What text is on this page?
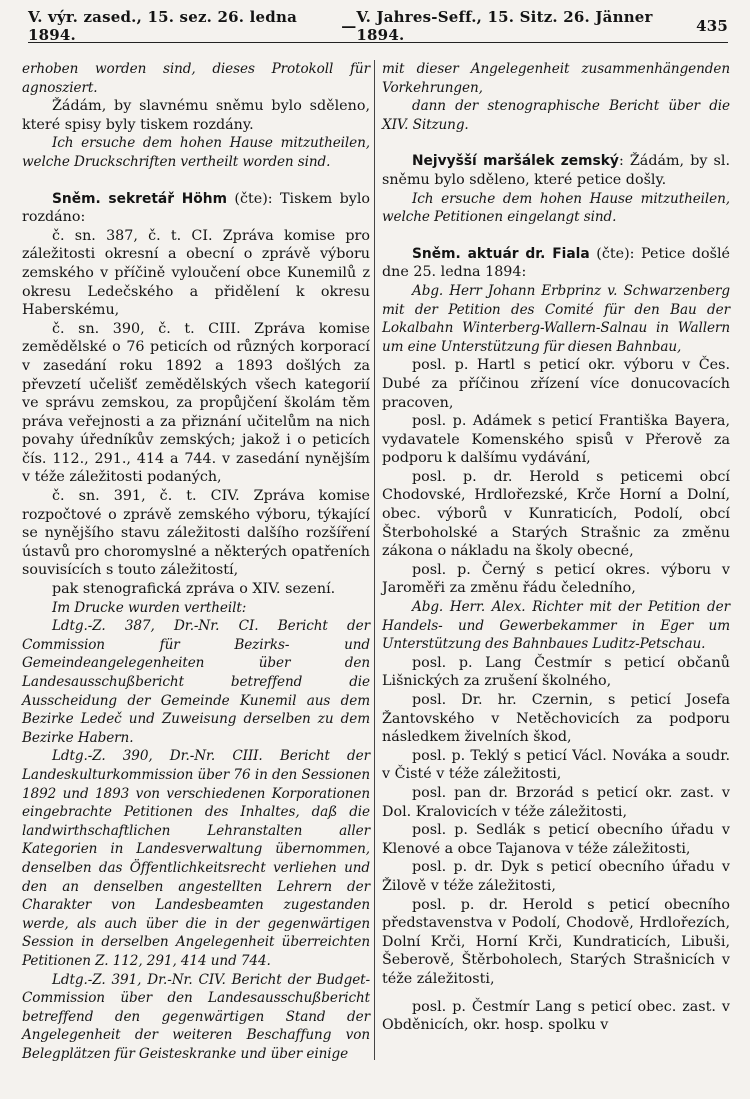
V. výr. zased., 15. sez. 26. ledna 1894.	— V. Jahres-Seff., 15. Sitz. 26. Jänner 1894.	435

erhoben worden sind, dieses Protokoll für agnosziert.

Žádám, by slavnému sněmu bylo sděleno, které spisy byly tiskem rozdány.

Ich ersuche dem hohen Hause mitzutheilen, welche Druckschriften vertheilt worden sind.

Sněm. sekretář Höhm (čte): Tiskem bylo rozdáno:

č. sn. 387, č. t. CI. Zpráva komise pro záležitosti okresní a obecní o zprávě výboru zemského v příčině vyloučení obce Kunemilů z okresu Ledečského a přidělení k okresu Haberskému,

č. sn. 390, č. t. CIII. Zpráva komise zemědělské o 76 peticích od různých korporací v zasedání roku 1892 a 1893 došlých za převzetí učelišť zemědělských všech kategorií ve správu zemskou, za propůjčení školám těm práva veřejnosti a za přiznání učitelům na nich povahy úředníkův zemských; jakož i o peticích čís. 112., 291., 414 a 744. v zasedání nynějším v téže záležitosti podaných,

č. sn. 391, č. t. CIV. Zpráva komise rozpočtové o zprávě zemského výboru, týkající se nynějšího stavu záležitosti dalšího rozšíření ústavů pro choromyslné a některých opatřeních souvisících s touto záležitostí,

pak stenografická zpráva o XIV. sezení.

Im Drucke wurden vertheilt:

Ldtg.-Z. 387, Dr.-Nr. CI. Bericht der Commission für Bezirks- und Gemeindeangelegenheiten über den Landesausschußbericht betreffend die Ausscheidung der Gemeinde Kunemil aus dem Bezirke Ledeč und Zuweisung derselben zu dem Bezirke Habern.

Ldtg.-Z. 390, Dr.-Nr. CIII. Bericht der Landeskulturkommission über 76 in den Sessionen 1892 und 1893 von verschiedenen Korporationen eingebrachte Petitionen des Inhaltes, daß die landwirthschaftlichen Lehranstalten aller Kategorien in Landesverwaltung übernommen, denselben das Öffentlichkeitsrecht verliehen und den an denselben angestellten Lehrern der Charakter von Landesbeamten zugestanden werde, als auch über die in der gegenwärtigen Session in derselben Angelegenheit überreichten Petitionen Z. 112, 291, 414 und 744.

Ldtg.-Z. 391, Dr.-Nr. CIV. Bericht der Budget-Commission über den Landesausschußbericht betreffend den gegenwärtigen Stand der Angelegenheit der weiteren Beschaffung von Belegplätzen für Geisteskranke und über einige

mit dieser Angelegenheit zusammenhängenden Vorkehrungen,

dann der stenographische Bericht über die XIV. Sitzung.

Nejvyšší maršálek zemský: Žádám, by sl. sněmu bylo sděleno, které petice došly.

Ich ersuche dem hohen Hause mitzutheilen, welche Petitionen eingelangt sind.

Sněm. aktuár dr. Fiala (čte): Petice došlé dne 25. ledna 1894:

Abg. Herr Johann Erbprinz v. Schwarzenberg mit der Petition des Comité für den Bau der Lokalbahn Winterberg-Wallern-Salnau in Wallern um eine Unterstützung für diesen Bahnbau,

posl. p. Hartl s peticí okr. výboru v Čes. Dubé za příčinou zřízení více donucovacích pracoven,

posl. p. Adámek s peticí Františka Bayera, vydavatele Komenského spisů v Přerově za podporu k dalšímu vydávání,

posl. p. dr. Herold s peticemi obcí Chodovské, Hrdlořezské, Krče Horní a Dolní, obec. výborů v Kunraticích, Podolí, obcí Šterboholské a Starých Strašnic za změnu zákona o nákladu na školy obecné,

posl. p. Černý s peticí okres. výboru v Jaroměři za změnu řádu čeledního,

Abg. Herr. Alex. Richter mit der Petition der Handels- und Gewerbekammer in Eger um Unterstützung des Bahnbaues Luditz-Petschau.

posl. p. Lang Čestmír s peticí občanů Lišnických za zrušení školného,

posl. Dr. hr. Czernin, s peticí Josefa Žantovského v Netěchovicích za podporu následkem živelních škod,

posl. p. Teklý s peticí Václ. Nováka a soudr. v Čisté v téže záležitosti,

posl. pan dr. Brzorád s peticí okr. zast. v Dol. Kralovicích v téže záležitosti,

posl. p. Sedlák s peticí obecního úřadu v Klenové a obce Tajanova v téže záležitosti,

posl. p. dr. Dyk s peticí obecního úřadu v Žilově v téže záležitosti,

posl. p. dr. Herold s peticí obecního představenstva v Podolí, Chodově, Hrdlořezích, Dolní Krči, Horní Krči, Kundraticích, Libuši, Šeberově, Štěrboholech, Starých Strašnicích v téže záležitosti,

posl. p. Čestmír Lang s peticí obec. zast. v Obděnicích, okr. hosp. spolku v
